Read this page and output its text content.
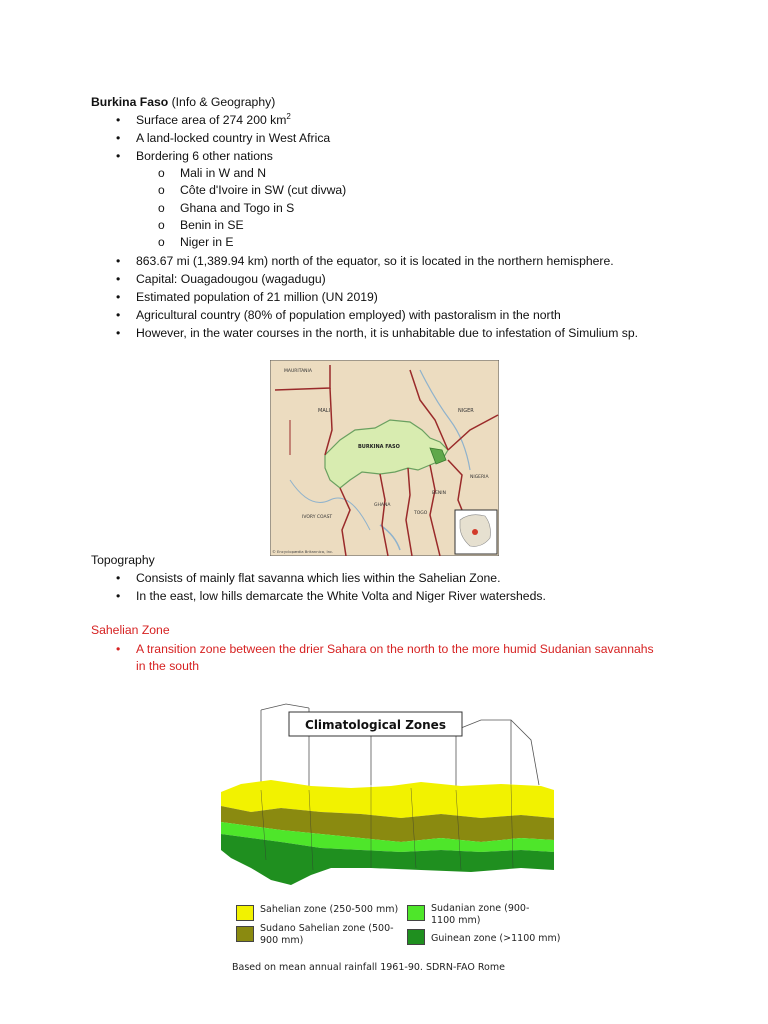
Burkina Faso (Info & Geography)
• Surface area of 274 200 $km^2$
• A land-locked country in West Africa
• Bordering 6 other nations
o Mali in W and N
o Côte d'Ivoire in SW (cut divwa)
o Ghana and Togo in S
o Benin in SE
o Niger in E
• 863.67 mi (1,389.94 km) north of the equator, so it is located in the northern hemisphere.
• Capital: Ouagadougou (wagadugu)
• Estimated population of 21 million (UN 2019)
• Agricultural country (80% of population employed) with pastoralism in the north
• However, in the water courses in the north, it is unhabitable due to infestation of Simulium sp.
MAURITANIA
MALI
BURKINA FASO
NIGER
BENIN
NIGERIA
GHANA
TOGO
IVORY COAST
© Encyclopædia Britannica, Inc.
Topography
• Consists of mainly flat savanna which lies within the Sahelian Zone.
• In the east, low hills demarcate the White Volta and Niger River watersheds.
Sahelian Zone
• A transition zone between the drier Sahara on the north to the more humid Sudanian savannahs
in the south
Climatological Zones
Sahelian zone (250-500 mm)
Sudano Sahelian zone (500-
900 mm)
Sudanian zone (900-
1100 mm)
Guinean zone (>1100 mm)
Based on mean annual rainfall 1961-90. SDRN-FAO Rome
